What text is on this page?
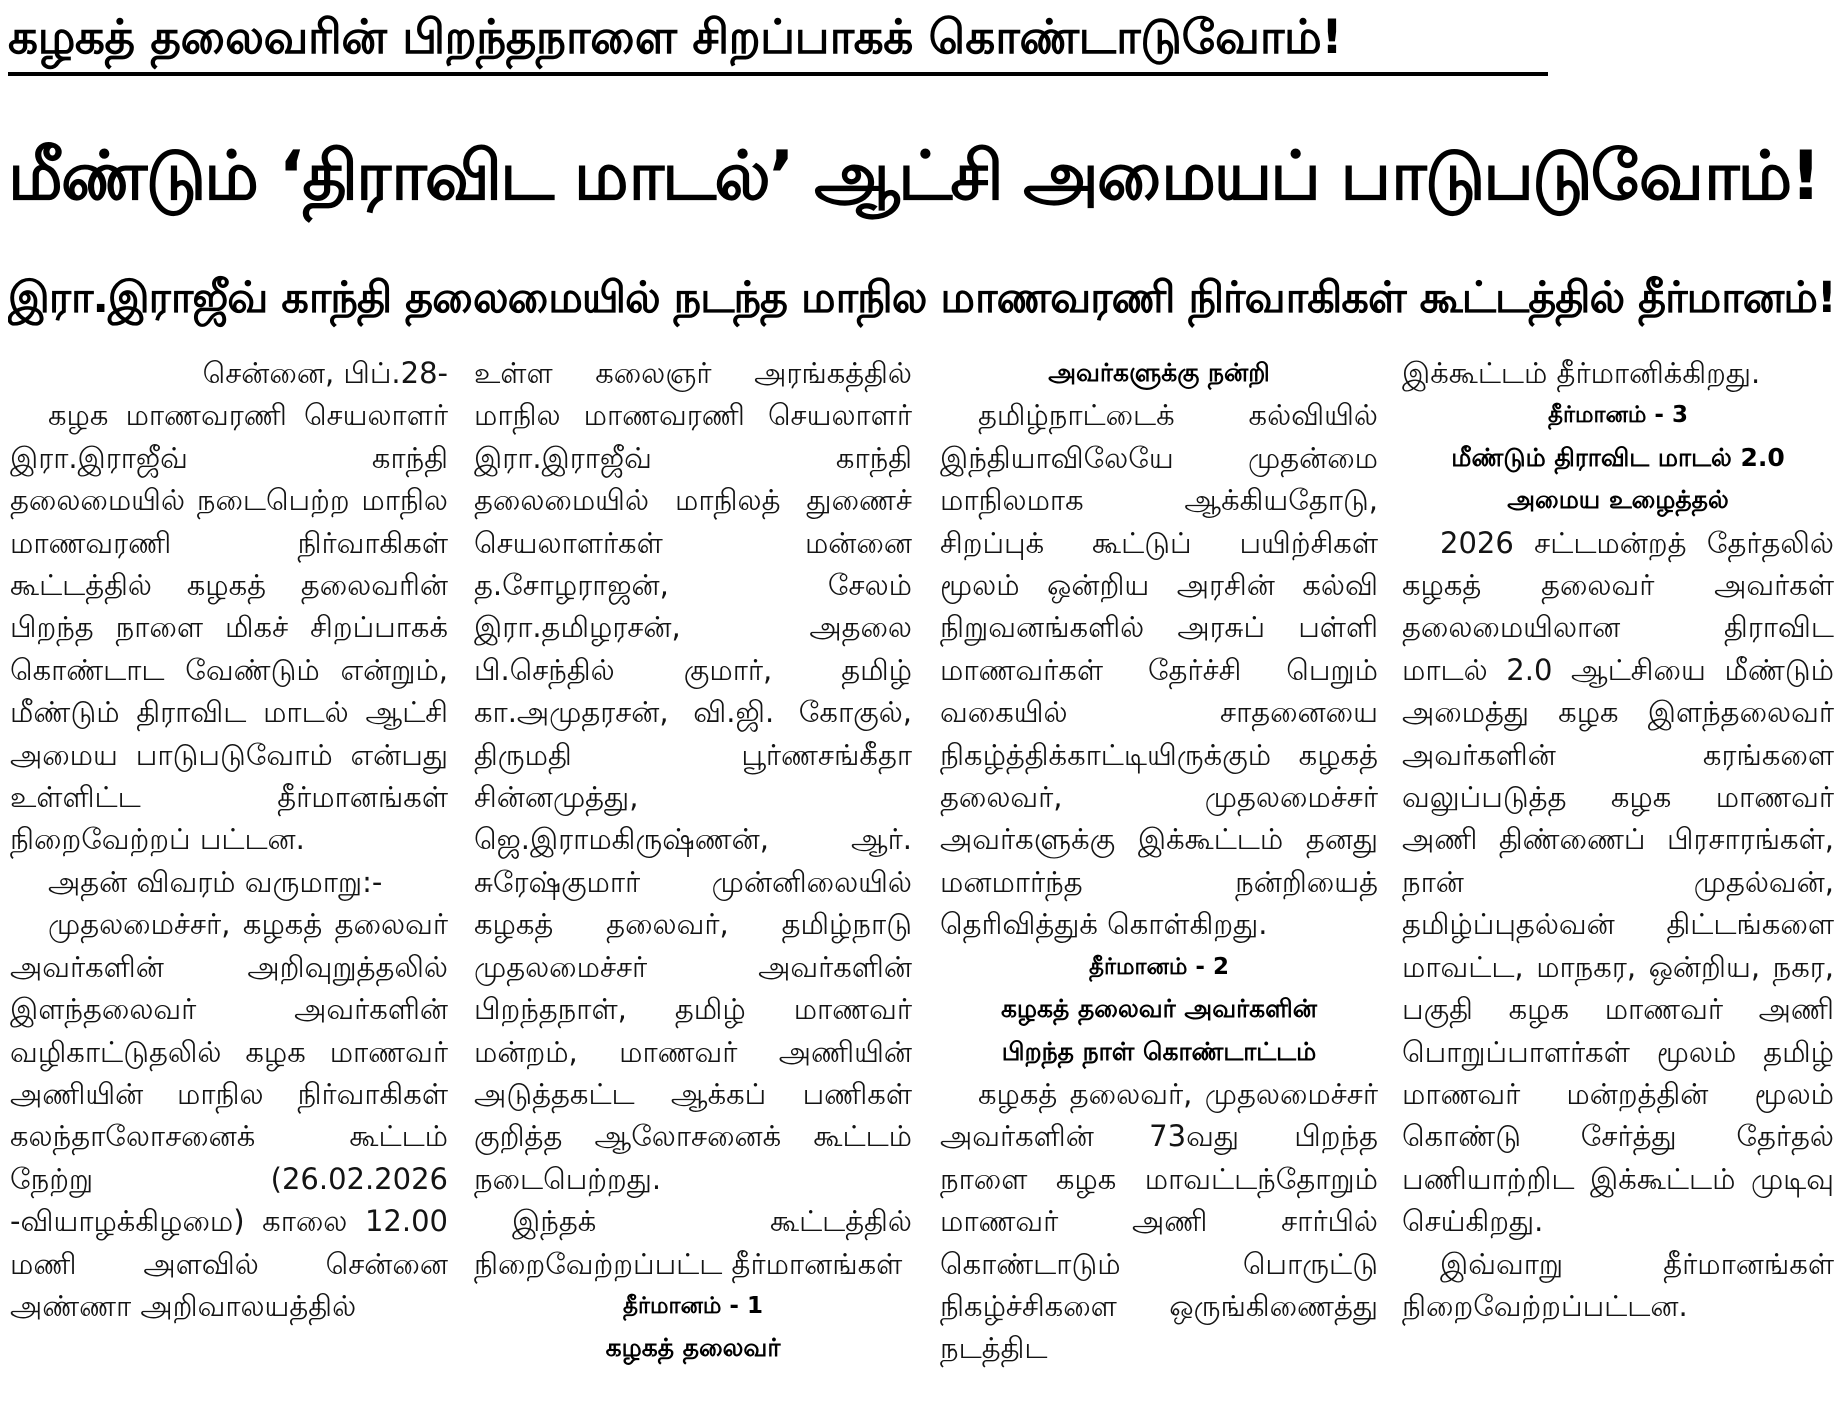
கழகத் தலைவரின் பிறந்தநாளை சிறப்பாகக் கொண்டாடுவோம்!
மீண்டும் ‘திராவிட மாடல்’ ஆட்சி அமையப் பாடுபடுவோம்!
இரா.இராஜீவ் காந்தி தலைமையில் நடந்த மாநில மாணவரணி நிர்வாகிகள் கூட்டத்தில் தீர்மானம்!

சென்னை, பிப்.28-

கழக மாணவரணி செயலாளர் இரா.இராஜீவ் காந்தி தலைமையில் நடைபெற்ற மாநில மாணவரணி நிர்வாகிகள் கூட்டத்தில் கழகத் தலைவரின் பிறந்த நாளை மிகச் சிறப்பாகக் கொண்டாட வேண்டும் என்றும், மீண்டும் திராவிட மாடல் ஆட்சி அமைய பாடுபடுவோம் என்பது உள்ளிட்ட தீர்மானங்கள் நிறைவேற்றப் பட்டன.

அதன் விவரம் வருமாறு:-

முதலமைச்சர், கழகத் தலைவர் அவர்களின் அறிவுறுத்தலில் இளந்தலைவர் அவர்களின் வழிகாட்டுதலில் கழக மாணவர் அணியின் மாநில நிர்வாகிகள் கலந்தாலோசனைக் கூட்டம் நேற்று (26.02.2026 -வியாழக்கிழமை) காலை 12.00 மணி அளவில் சென்னை அண்ணா அறிவாலயத்தில்

உள்ள கலைஞர் அரங்கத்தில் மாநில மாணவரணி செயலாளர் இரா.இராஜீவ் காந்தி தலைமையில் மாநிலத் துணைச் செயலாளர்கள் மன்னை த.சோழராஜன், சேலம் இரா.தமிழரசன், அதலை பி.செந்தில் குமார், தமிழ் கா.அமுதரசன், வி.ஜி. கோகுல், திருமதி பூர்ணசங்கீதா சின்னமுத்து, ஜெ.இராமகிருஷ்ணன், ஆர். சுரேஷ்குமார் முன்னிலையில் கழகத் தலைவர், தமிழ்நாடு முதலமைச்சர் அவர்களின் பிறந்தநாள், தமிழ் மாணவர் மன்றம், மாணவர் அணியின் அடுத்தகட்ட ஆக்கப் பணிகள் குறித்த ஆலோசனைக் கூட்டம் நடைபெற்றது.

இந்தக் கூட்டத்தில் நிறைவேற்றப்பட்ட தீர்மானங்கள்

தீர்மானம் - 1
கழகத் தலைவர்
அவர்களுக்கு நன்றி

தமிழ்நாட்டைக் கல்வியில் இந்தியாவிலேயே முதன்மை மாநிலமாக ஆக்கியதோடு, சிறப்புக் கூட்டுப் பயிற்சிகள் மூலம் ஒன்றிய அரசின் கல்வி நிறுவனங்களில் அரசுப் பள்ளி மாணவர்கள் தேர்ச்சி பெறும் வகையில் சாதனையை நிகழ்த்திக்காட்டியிருக்கும் கழகத் தலைவர், முதலமைச்சர் அவர்களுக்கு இக்கூட்டம் தனது மனமார்ந்த நன்றியைத் தெரிவித்துக் கொள்கிறது.

தீர்மானம் - 2
கழகத் தலைவர் அவர்களின்
பிறந்த நாள் கொண்டாட்டம்

கழகத் தலைவர், முதலமைச்சர் அவர்களின் 73வது பிறந்த நாளை கழக மாவட்டந்தோறும் மாணவர் அணி சார்பில் கொண்டாடும் பொருட்டு நிகழ்ச்சிகளை ஒருங்கிணைத்து நடத்திட

இக்கூட்டம் தீர்மானிக்கிறது.

தீர்மானம் - 3
மீண்டும் திராவிட மாடல் 2.0
அமைய உழைத்தல்

2026 சட்டமன்றத் தேர்தலில் கழகத் தலைவர் அவர்கள் தலைமையிலான திராவிட மாடல் 2.0 ஆட்சியை மீண்டும் அமைத்து கழக இளந்தலைவர் அவர்களின் கரங்களை வலுப்படுத்த கழக மாணவர் அணி திண்ணைப் பிரசாரங்கள், நான் முதல்வன், தமிழ்ப்புதல்வன் திட்டங்களை மாவட்ட, மாநகர, ஒன்றிய, நகர, பகுதி கழக மாணவர் அணி பொறுப்பாளர்கள் மூலம் தமிழ் மாணவர் மன்றத்தின் மூலம் கொண்டு சேர்த்து தேர்தல் பணியாற்றிட இக்கூட்டம் முடிவு செய்கிறது.

இவ்வாறு தீர்மானங்கள் நிறைவேற்றப்பட்டன.
